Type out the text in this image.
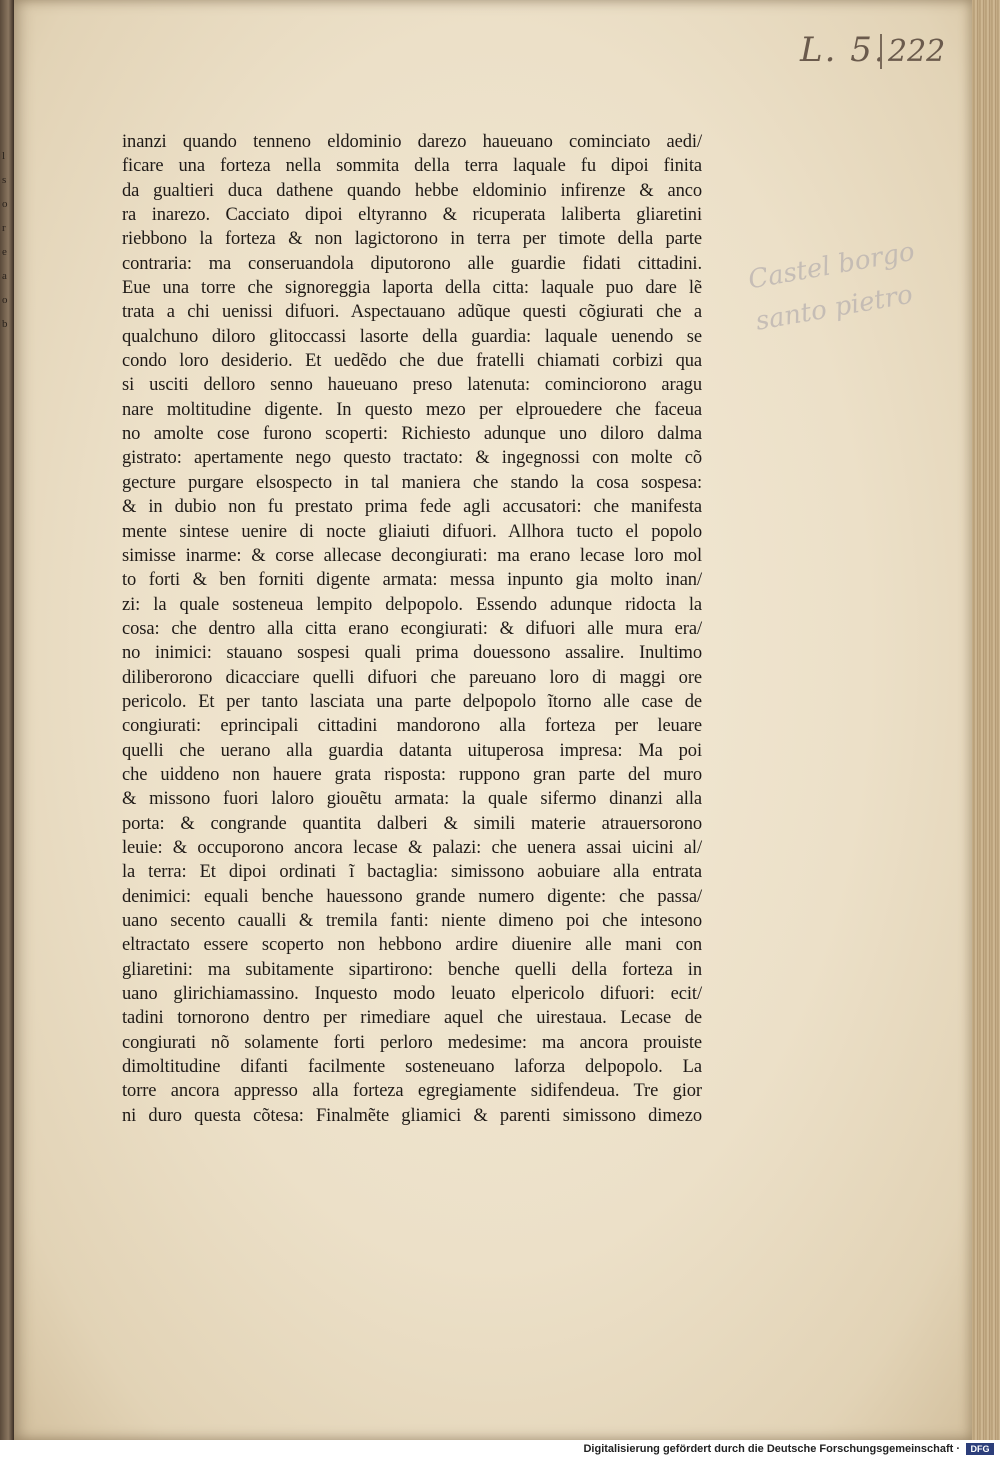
l
s
o
r
e
a
o
b
L. 5. 222
Castel borgo
santo pietro
inanzi quando tenneno eldominio darezo haueuano cominciato aedi/
ficare una forteza nella sommita della terra laquale fu dipoi finita
da gualtieri duca dathene quando hebbe eldominio infirenze & anco
ra inarezo. Cacciato dipoi eltyranno & ricuperata laliberta gliaretini
riebbono la forteza & non lagictorono in terra per timote della parte
contraria: ma conseruandola diputorono alle guardie fidati cittadini.
Eue una torre che signoreggia laporta della citta: laquale puo dare lẽ
trata a chi uenissi difuori. Aspectauano adũque questi cõgiurati che a
qualchuno diloro glitoccassi lasorte della guardia: laquale uenendo se
condo loro desiderio. Et uedẽdo che due fratelli chiamati corbizi qua
si usciti delloro senno haueuano preso latenuta: cominciorono aragu
nare moltitudine digente. In questo mezo per elprouedere che faceua
no amolte cose furono scoperti: Richiesto adunque uno diloro dalma
gistrato: apertamente nego questo tractato: & ingegnossi con molte cõ
gecture purgare elsospecto in tal maniera che stando la cosa sospesa:
& in dubio non fu prestato prima fede agli accusatori: che manifesta
mente sintese uenire di nocte gliaiuti difuori. Allhora tucto el popolo
simisse inarme: & corse allecase decongiurati: ma erano lecase loro mol
to forti & ben forniti digente armata: messa inpunto gia molto inan/
zi: la quale sosteneua lempito delpopolo. Essendo adunque ridocta la
cosa: che dentro alla citta erano econgiurati: & difuori alle mura era/
no inimici: stauano sospesi quali prima douessono assalire. Inultimo
diliberorono dicacciare quelli difuori che pareuano loro di maggi ore
pericolo. Et per tanto lasciata una parte delpopolo ĩtorno alle case de
congiurati: eprincipali cittadini mandorono alla forteza per leuare
quelli che uerano alla guardia datanta uituperosa impresa: Ma poi
che uiddeno non hauere grata risposta: rupponο gran parte del muro
& missono fuori laloro giouẽtu armata: la quale sifermo dinanzi alla
porta: & congrande quantita dalberi & simili materie atrauersorono
leuie: & occuporono ancora lecase & palazi: che uenera assai uicini al/
la terra: Et dipoi ordinati ĩ bactaglia: simissono aobuiare alla entrata
denimici: equali benche hauessono grande numero digente: che passa/
uano secento caualli & tremila fanti: niente dimeno poi che intesono
eltractato essere scoperto non hebbono ardire diuenire alle mani con
gliaretini: ma subitamente sipartirono: benche quelli della forteza in
uano glirichiamassino. Inquesto modo leuato elpericolo difuori: ecit/
tadini tornorono dentro per rimediare aquel che uirestaua. Lecase de
congiurati nõ solamente forti perloro medesime: ma ancora prouiste
dimoltitudine difanti facilmente sosteneuano laforza delpopolo. La
torre ancora appresso alla forteza egregiamente sidifendeua. Tre gior
ni duro questa cõtesa: Finalmẽte gliamici & parenti simissono dimezo
Digitalisierung gefördert durch die Deutsche Forschungsgemeinschaft ·	DFG
